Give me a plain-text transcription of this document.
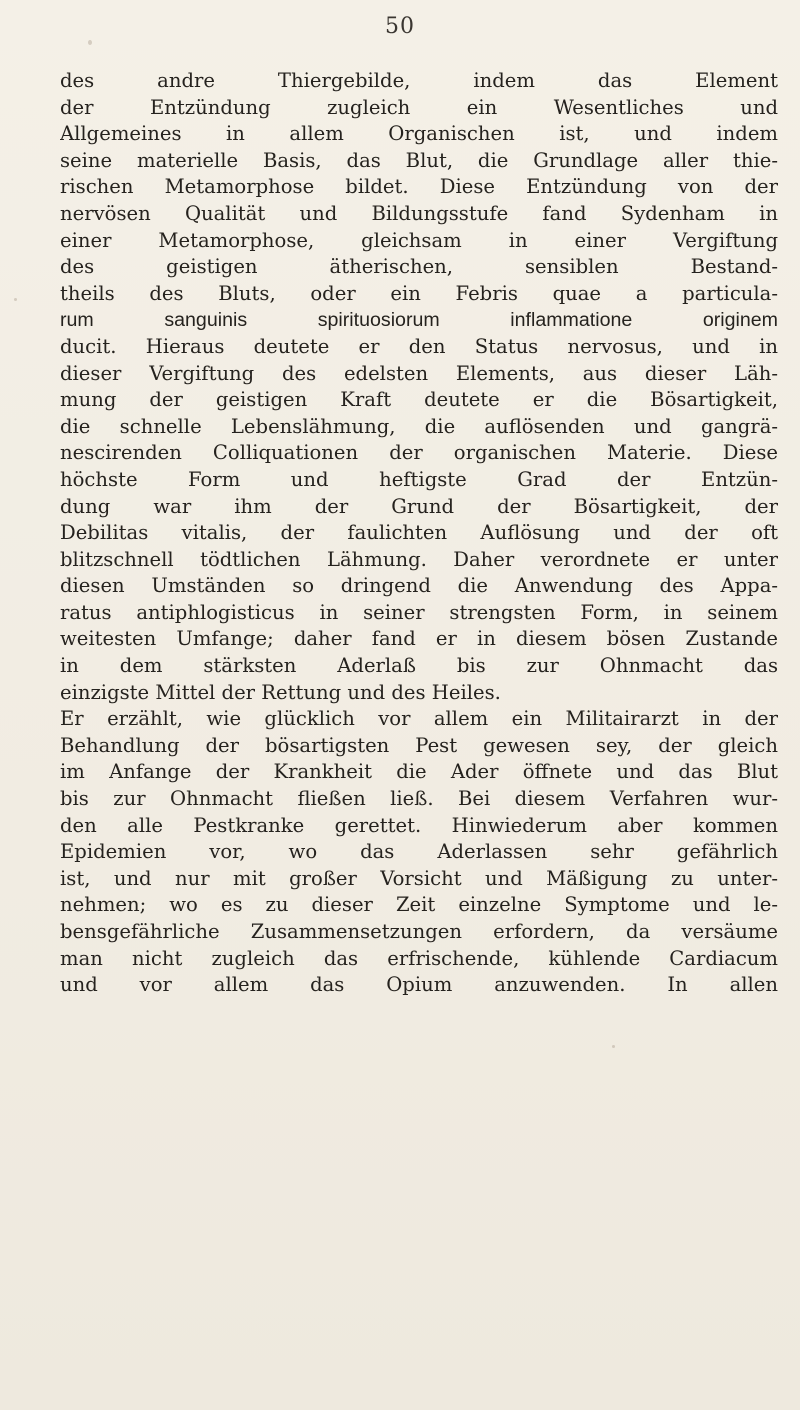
50
des andre Thiergebilde, indem das Element
der Entzündung zugleich ein Wesentliches und
Allgemeines in allem Organischen ist, und indem
seine materielle Basis, das Blut, die Grundlage aller thie-
rischen Metamorphose bildet. Diese Entzündung von der
nervösen Qualität und Bildungsstufe fand Sydenham in
einer Metamorphose, gleichsam in einer Vergiftung
des geistigen ätherischen, sensiblen Bestand-
theils des Bluts, oder ein Febris quae a particula-
rum sanguinis spirituosiorum inflammatione originem
ducit. Hieraus deutete er den Status nervosus, und in
dieser Vergiftung des edelsten Elements, aus dieser Läh-
mung der geistigen Kraft deutete er die Bösartigkeit,
die schnelle Lebenslähmung, die auflösenden und gangrä-
nescirenden Colliquationen der organischen Materie. Diese
höchste Form und heftigste Grad der Entzün-
dung war ihm der Grund der Bösartigkeit, der
Debilitas vitalis, der faulichten Auflösung und der oft
blitzschnell tödtlichen Lähmung. Daher verordnete er unter
diesen Umständen so dringend die Anwendung des Appa-
ratus antiphlogisticus in seiner strengsten Form, in seinem
weitesten Umfange; daher fand er in diesem bösen Zustande
in dem stärksten Aderlaß bis zur Ohnmacht das
einzigste Mittel der Rettung und des Heiles.
Er erzählt, wie glücklich vor allem ein Militairarzt in der
Behandlung der bösartigsten Pest gewesen sey, der gleich
im Anfange der Krankheit die Ader öffnete und das Blut
bis zur Ohnmacht fließen ließ. Bei diesem Verfahren wur-
den alle Pestkranke gerettet. Hinwiederum aber kommen
Epidemien vor, wo das Aderlassen sehr gefährlich
ist, und nur mit großer Vorsicht und Mäßigung zu unter-
nehmen; wo es zu dieser Zeit einzelne Symptome und le-
bensgefährliche Zusammensetzungen erfordern, da versäume
man nicht zugleich das erfrischende, kühlende Cardiacum
und vor allem das Opium anzuwenden. In allen
